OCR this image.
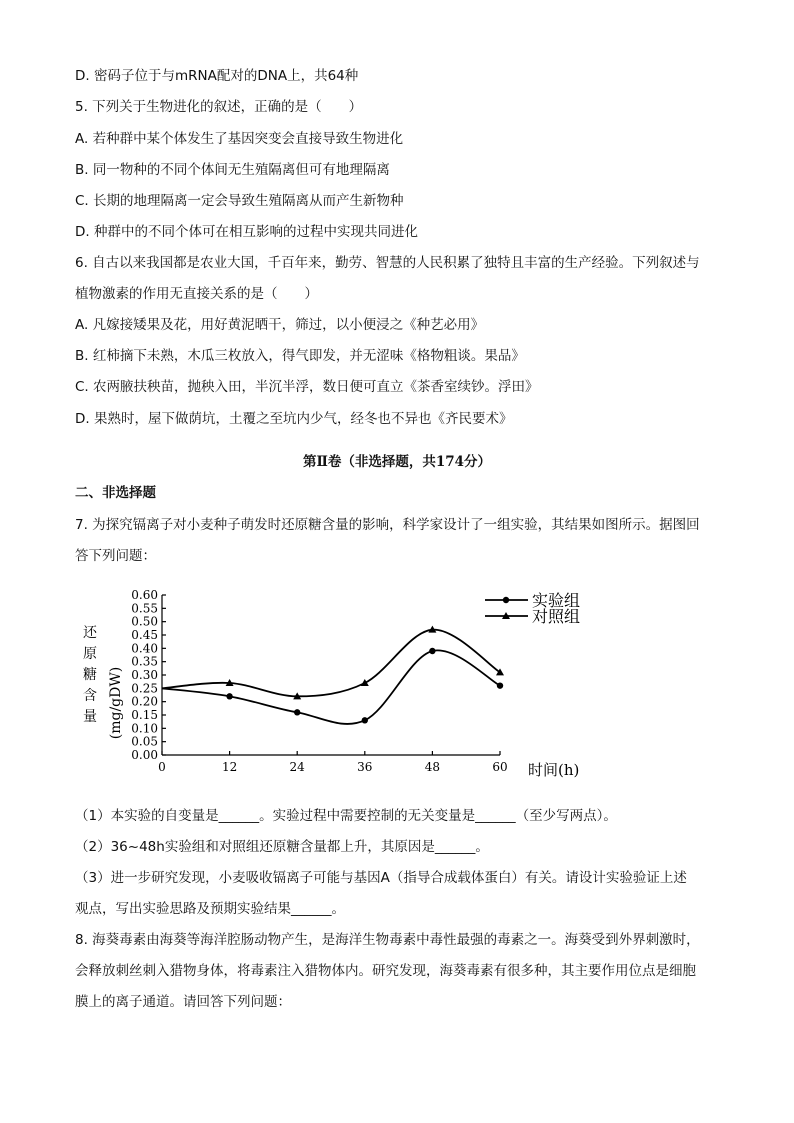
D. 密码子位于与mRNA配对的DNA上，共64种
5. 下列关于生物进化的叙述，正确的是（　　）
A. 若种群中某个体发生了基因突变会直接导致生物进化
B. 同一物种的不同个体间无生殖隔离但可有地理隔离
C. 长期的地理隔离一定会导致生殖隔离从而产生新物种
D. 种群中的不同个体可在相互影响的过程中实现共同进化
6. 自古以来我国都是农业大国，千百年来，勤劳、智慧的人民积累了独特且丰富的生产经验。下列叙述与
植物激素的作用无直接关系的是（　　）
A. 凡嫁接矮果及花，用好黄泥晒干，筛过，以小便浸之《种艺必用》
B. 红柿摘下未熟，木瓜三枚放入，得气即发，并无涩味《格物粗谈。果品》
C. 农两腋扶秧苗，抛秧入田，半沉半浮，数日便可直立《茶香室续钞。浮田》
D. 果熟时，屋下做荫坑，土覆之至坑内少气，经冬也不异也《齐民要术》
第Ⅱ卷（非选择题，共174分）
二、非选择题
7. 为探究镉离子对小麦种子萌发时还原糖含量的影响，科学家设计了一组实验，其结果如图所示。据图回
答下列问题：
还
原
糖
含
量 (mg/gDW)
0.00
0.05
0.10
0.15
0.20
0.25
0.30
0.35
0.40
0.45
0.50
0.55
0.60
0	12	24	36	48	60
实验组
对照组
时间(h)
（1）本实验的自变量是______。实验过程中需要控制的无关变量是______（至少写两点）。
（2）36~48h实验组和对照组还原糖含量都上升，其原因是______。
（3）进一步研究发现，小麦吸收镉离子可能与基因A（指导合成载体蛋白）有关。请设计实验验证上述
观点，写出实验思路及预期实验结果______。
8. 海葵毒素由海葵等海洋腔肠动物产生，是海洋生物毒素中毒性最强的毒素之一。海葵受到外界刺激时，
会释放刺丝刺入猎物身体，将毒素注入猎物体内。研究发现，海葵毒素有很多种，其主要作用位点是细胞
膜上的离子通道。请回答下列问题：
